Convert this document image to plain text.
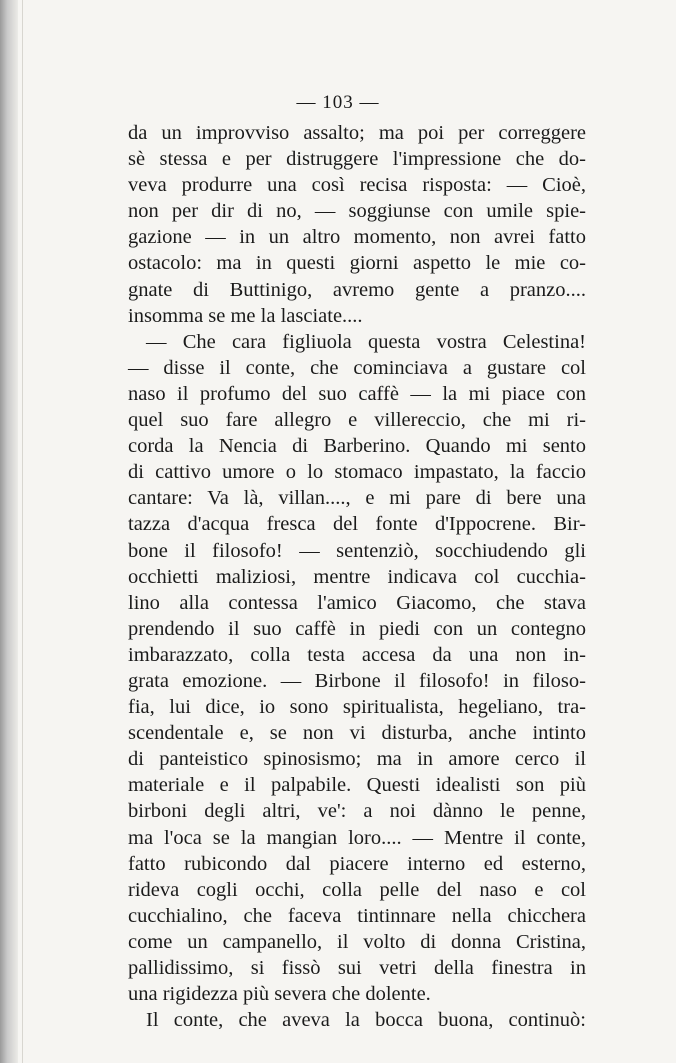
— 103 —
da un improvviso assalto; ma poi per correggere
sè stessa e per distruggere l'impressione che do-
veva produrre una così recisa risposta: — Cioè,
non per dir di no, — soggiunse con umile spie-
gazione — in un altro momento, non avrei fatto
ostacolo: ma in questi giorni aspetto le mie co-
gnate di Buttinigo, avremo gente a pranzo....
insomma se me la lasciate....
— Che cara figliuola questa vostra Celestina!
— disse il conte, che cominciava a gustare col
naso il profumo del suo caffè — la mi piace con
quel suo fare allegro e villereccio, che mi ri-
corda la Nencia di Barberino. Quando mi sento
di cattivo umore o lo stomaco impastato, la faccio
cantare: Va là, villan...., e mi pare di bere una
tazza d'acqua fresca del fonte d'Ippocrene. Bir-
bone il filosofo! — sentenziò, socchiudendo gli
occhietti maliziosi, mentre indicava col cucchia-
lino alla contessa l'amico Giacomo, che stava
prendendo il suo caffè in piedi con un contegno
imbarazzato, colla testa accesa da una non in-
grata emozione. — Birbone il filosofo! in filoso-
fia, lui dice, io sono spiritualista, hegeliano, tra-
scendentale e, se non vi disturba, anche intinto
di panteistico spinosismo; ma in amore cerco il
materiale e il palpabile. Questi idealisti son più
birboni degli altri, ve': a noi dànno le penne,
ma l'oca se la mangian loro.... — Mentre il conte,
fatto rubicondo dal piacere interno ed esterno,
rideva cogli occhi, colla pelle del naso e col
cucchialino, che faceva tintinnare nella chicchera
come un campanello, il volto di donna Cristina,
pallidissimo, si fissò sui vetri della finestra in
una rigidezza più severa che dolente.
Il conte, che aveva la bocca buona, continuò:
